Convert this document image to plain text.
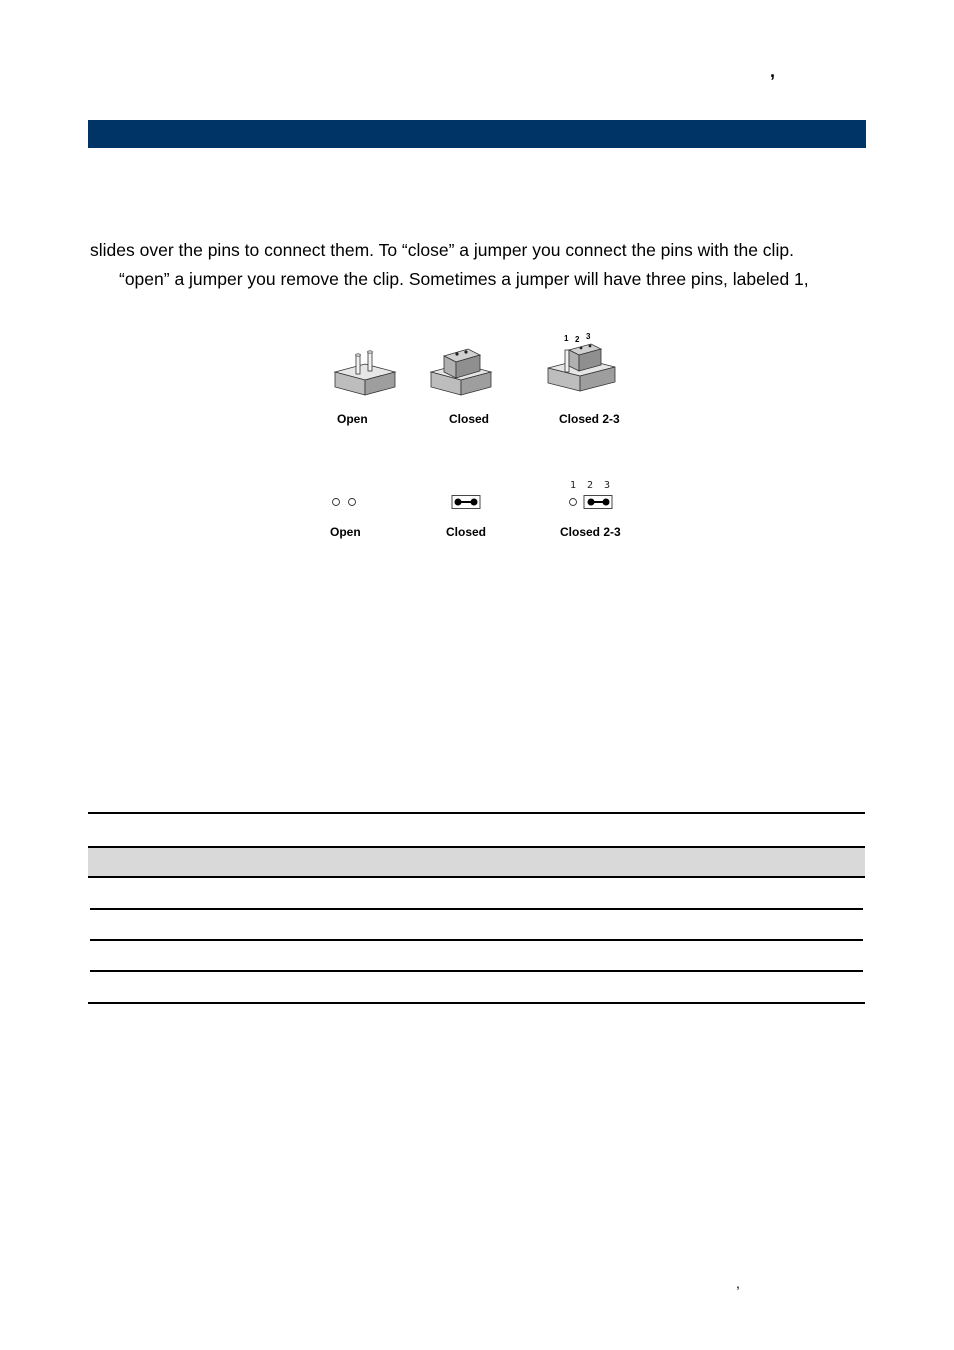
,
slides over the pins to connect them. To “close” a jumper you connect the pins with the clip.
“open” a jumper you remove the clip. Sometimes a jumper will have three pins, labeled 1,
1 2 3
Open	Closed	Closed 2-3
1 2 3
Open	Closed	Closed 2-3
,
